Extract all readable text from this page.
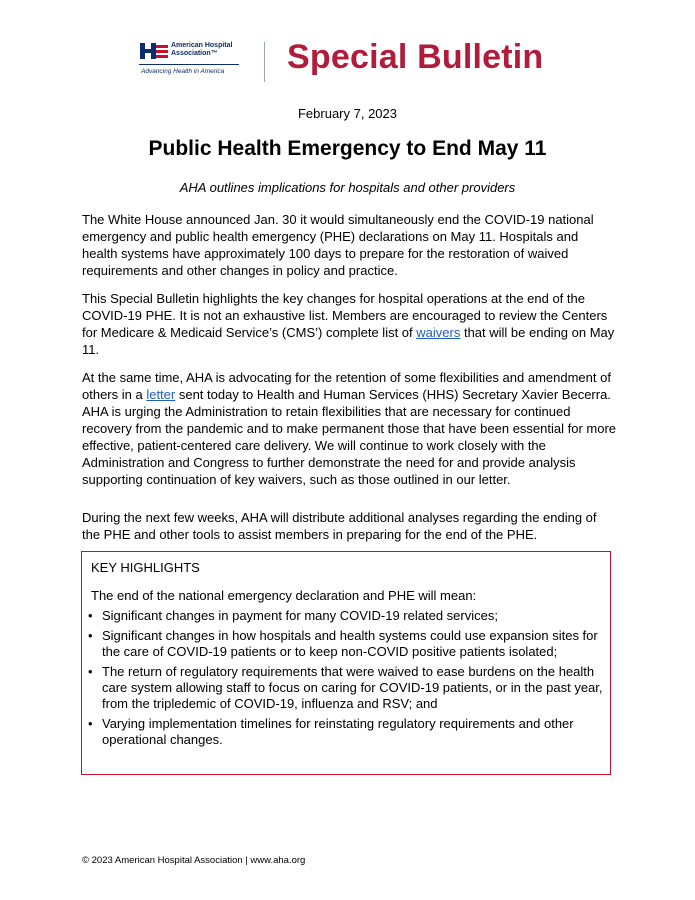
American Hospital
Association™
Advancing Health in America Special Bulletin
February 7, 2023
Public Health Emergency to End May 11
AHA outlines implications for hospitals and other providers
The White House announced Jan. 30 it would simultaneously end the COVID-19 national emergency and public health emergency (PHE) declarations on May 11. Hospitals and health systems have approximately 100 days to prepare for the restoration of waived requirements and other changes in policy and practice.
This Special Bulletin highlights the key changes for hospital operations at the end of the COVID-19 PHE. It is not an exhaustive list. Members are encouraged to review the Centers for Medicare & Medicaid Service’s (CMS’) complete list of waivers that will be ending on May 11.
At the same time, AHA is advocating for the retention of some flexibilities and amendment of others in a letter sent today to Health and Human Services (HHS) Secretary Xavier Becerra. AHA is urging the Administration to retain flexibilities that are necessary for continued recovery from the pandemic and to make permanent those that have been essential for more effective, patient-centered care delivery. We will continue to work closely with the Administration and Congress to further demonstrate the need for and provide analysis supporting continuation of key waivers, such as those outlined in our letter.
During the next few weeks, AHA will distribute additional analyses regarding the ending of the PHE and other tools to assist members in preparing for the end of the PHE.
KEY HIGHLIGHTS
The end of the national emergency declaration and PHE will mean:
• Significant changes in payment for many COVID-19 related services;
• Significant changes in how hospitals and health systems could use expansion sites for the care of COVID-19 patients or to keep non-COVID positive patients isolated;
• The return of regulatory requirements that were waived to ease burdens on the health care system allowing staff to focus on caring for COVID-19 patients, or in the past year, from the tripledemic of COVID-19, influenza and RSV; and
• Varying implementation timelines for reinstating regulatory requirements and other operational changes.
© 2023 American Hospital Association | www.aha.org
